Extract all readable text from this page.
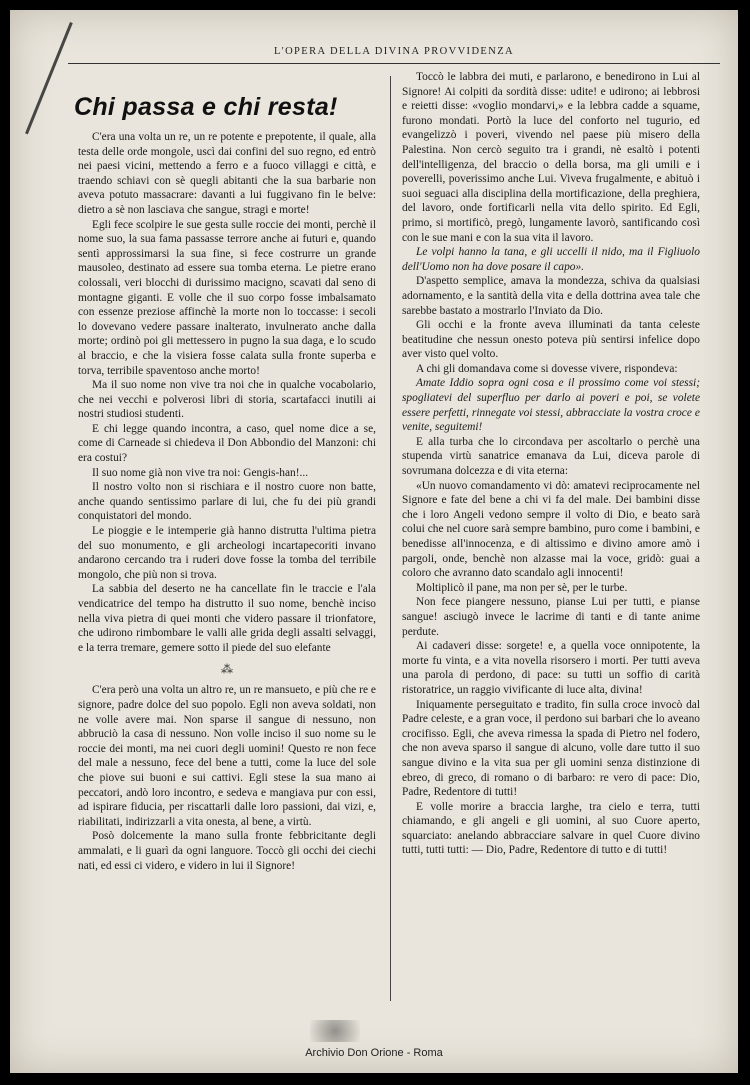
L'OPERA DELLA DIVINA PROVVIDENZA
Chi passa e chi resta!

C'era una volta un re, un re potente e prepotente, il quale, alla testa delle orde mongole, uscì dai confini del suo regno, ed entrò nei paesi vicini, mettendo a ferro e a fuoco villaggi e città, e traendo schiavi con sè quegli abitanti che la sua barbarie non aveva potuto massacrare: davanti a lui fuggivano fin le belve: dietro a sè non lasciava che sangue, stragi e morte!

Egli fece scolpire le sue gesta sulle roccie dei monti, perchè il nome suo, la sua fama passasse terrore anche ai futuri e, quando sentì approssimarsi la sua fine, si fece costrurre un grande mausoleo, destinato ad essere sua tomba eterna. Le pietre erano colossali, veri blocchi di durissimo macigno, scavati dal seno di montagne giganti. E volle che il suo corpo fosse imbalsamato con essenze preziose affinchè la morte non lo toccasse: i secoli lo dovevano vedere passare inalterato, invulnerato anche dalla morte; ordinò poi gli mettessero in pugno la sua daga, e lo scudo al braccio, e che la visiera fosse calata sulla fronte superba e torva, terribile spaventoso anche morto!

Ma il suo nome non vive tra noi che in qualche vocabolario, che nei vecchi e polverosi libri di storia, scartafacci inutili ai nostri studiosi studenti.

E chi legge quando incontra, a caso, quel nome dice a se, come di Carneade si chiedeva il Don Abbondio del Manzoni: chi era costui?

Il suo nome già non vive tra noi: Gengis-han!...

Il nostro volto non si rischiara e il nostro cuore non batte, anche quando sentissimo parlare di lui, che fu dei più grandi conquistatori del mondo.

Le pioggie e le intemperie già hanno distrutta l'ultima pietra del suo monumento, e gli archeologi incartapecoriti invano andarono cercando tra i ruderi dove fosse la tomba del terribile mongolo, che più non si trova.

La sabbia del deserto ne ha cancellate fin le traccie e l'ala vendicatrice del tempo ha distrutto il suo nome, benchè inciso nella viva pietra di quei monti che videro passare il trionfatore, che udirono rimbombare le valli alle grida degli assalti selvaggi, e la terra tremare, gemere sotto il piede del suo elefante

⁂

C'era però una volta un altro re, un re mansueto, e più che re e signore, padre dolce del suo popolo. Egli non aveva soldati, non ne volle avere mai. Non sparse il sangue di nessuno, non abbruciò la casa di nessuno. Non volle inciso il suo nome su le roccie dei monti, ma nei cuori degli uomini! Questo re non fece del male a nessuno, fece del bene a tutti, come la luce del sole che piove sui buoni e sui cattivi. Egli stese la sua mano ai peccatori, andò loro incontro, e sedeva e mangiava pur con essi, ad ispirare fiducia, per riscattarli dalle loro passioni, dai vizi, e, riabilitati, indirizzarli a vita onesta, al bene, a virtù.

Posò dolcemente la mano sulla fronte febbricitante degli ammalati, e li guarì da ogni languore. Toccò gli occhi dei ciechi nati, ed essi ci videro, e videro in lui il Signore!

Toccò le labbra dei muti, e parlarono, e benedirono in Lui al Signore! Ai colpiti da sordità disse: udite! e udirono; ai lebbrosi e reietti disse: «voglio mondarvi,» e la lebbra cadde a squame, furono mondati. Portò la luce del conforto nel tugurio, ed evangelizzò i poveri, vivendo nel paese più misero della Palestina. Non cercò seguito tra i grandi, nè esaltò i potenti dell'intelligenza, del braccio o della borsa, ma gli umili e i poverelli, poverissimo anche Lui. Viveva frugalmente, e abituò i suoi seguaci alla disciplina della mortificazione, della preghiera, del lavoro, onde fortificarli nella vita dello spirito. Ed Egli, primo, si mortificò, pregò, lungamente lavorò, santificando così con le sue mani e con la sua vita il lavoro.

Le volpi hanno la tana, e gli uccelli il nido, ma il Figliuolo dell'Uomo non ha dove posare il capo».

D'aspetto semplice, amava la mondezza, schiva da qualsiasi adornamento, e la santità della vita e della dottrina avea tale che sarebbe bastato a mostrarlo l'Inviato da Dio.

Gli occhi e la fronte aveva illuminati da tanta celeste beatitudine che nessun onesto poteva più sentirsi infelice dopo aver visto quel volto.

A chi gli domandava come si dovesse vivere, rispondeva:

Amate Iddio sopra ogni cosa e il prossimo come voi stessi; spogliatevi del superfluo per darlo ai poveri e poi, se volete essere perfetti, rinnegate voi stessi, abbracciate la vostra croce e venite, seguitemi!

E alla turba che lo circondava per ascoltarlo o perchè una stupenda virtù sanatrice emanava da Lui, diceva parole di sovrumana dolcezza e di vita eterna:

«Un nuovo comandamento vi dò: amatevi reciprocamente nel Signore e fate del bene a chi vi fa del male. Dei bambini disse che i loro Angeli vedono sempre il volto di Dio, e beato sarà colui che nel cuore sarà sempre bambino, puro come i bambini, e benedisse all'innocenza, e di altissimo e divino amore amò i pargoli, onde, benchè non alzasse mai la voce, gridò: guai a coloro che avranno dato scandalo agli innocenti!

Moltiplicò il pane, ma non per sè, per le turbe.

Non fece piangere nessuno, pianse Lui per tutti, e pianse sangue! asciugò invece le lacrime di tanti e di tante anime perdute.

Ai cadaveri disse: sorgete! e, a quella voce onnipotente, la morte fu vinta, e a vita novella risorsero i morti. Per tutti aveva una parola di perdono, di pace: su tutti un soffio di carità ristoratrice, un raggio vivificante di luce alta, divina!

Iniquamente perseguitato e tradito, fin sulla croce invocò dal Padre celeste, e a gran voce, il perdono sui barbari che lo aveano crocifisso. Egli, che aveva rimessa la spada di Pietro nel fodero, che non aveva sparso il sangue di alcuno, volle dare tutto il suo sangue divino e la vita sua per gli uomini senza distinzione di ebreo, di greco, di romano o di barbaro: re vero di pace: Dio, Padre, Redentore di tutti!

E volle morire a braccia larghe, tra cielo e terra, tutti chiamando, e gli angeli e gli uomini, al suo Cuore aperto, squarciato: anelando abbracciare salvare in quel Cuore divino tutti, tutti tutti: — Dio, Padre, Redentore di tutto e di tutti!

Archivio Don Orione - Roma
